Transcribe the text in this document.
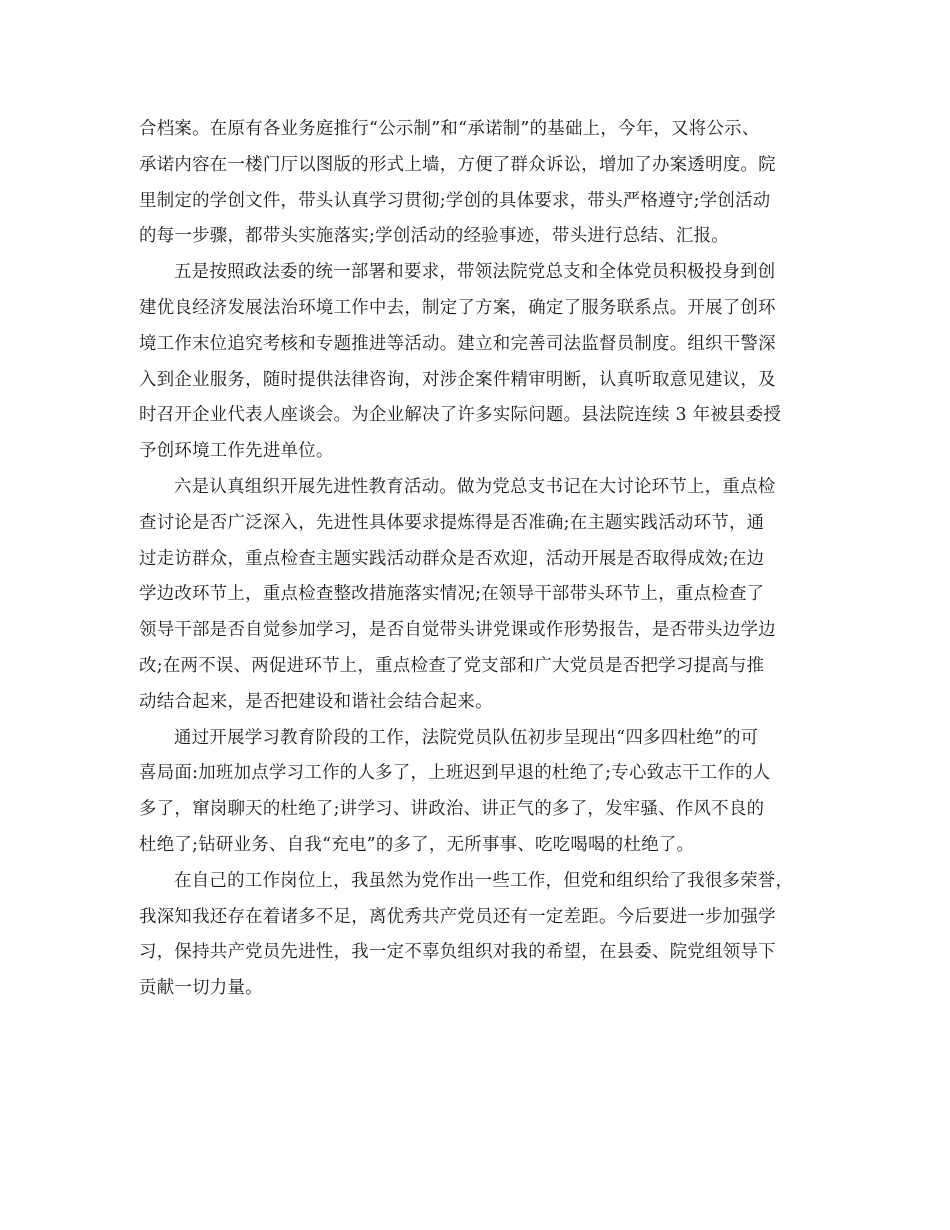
合档案。在原有各业务庭推行“公示制”和“承诺制”的基础上，今年，又将公示、
承诺内容在一楼门厅以图版的形式上墙，方便了群众诉讼，增加了办案透明度。院
里制定的学创文件，带头认真学习贯彻;学创的具体要求，带头严格遵守;学创活动
的每一步骤，都带头实施落实;学创活动的经验事迹，带头进行总结、汇报。
五是按照政法委的统一部署和要求，带领法院党总支和全体党员积极投身到创
建优良经济发展法治环境工作中去，制定了方案，确定了服务联系点。开展了创环
境工作末位追究考核和专题推进等活动。建立和完善司法监督员制度。组织干警深
入到企业服务，随时提供法律咨询，对涉企案件精审明断，认真听取意见建议，及
时召开企业代表人座谈会。为企业解决了许多实际问题。县法院连续 3 年被县委授
予创环境工作先进单位。
六是认真组织开展先进性教育活动。做为党总支书记在大讨论环节上，重点检
查讨论是否广泛深入，先进性具体要求提炼得是否准确;在主题实践活动环节，通
过走访群众，重点检查主题实践活动群众是否欢迎，活动开展是否取得成效;在边
学边改环节上，重点检查整改措施落实情况;在领导干部带头环节上，重点检查了
领导干部是否自觉参加学习，是否自觉带头讲党课或作形势报告，是否带头边学边
改;在两不误、两促进环节上，重点检查了党支部和广大党员是否把学习提高与推
动结合起来，是否把建设和谐社会结合起来。
通过开展学习教育阶段的工作，法院党员队伍初步呈现出“四多四杜绝”的可
喜局面:加班加点学习工作的人多了，上班迟到早退的杜绝了;专心致志干工作的人
多了，窜岗聊天的杜绝了;讲学习、讲政治、讲正气的多了，发牢骚、作风不良的
杜绝了;钻研业务、自我“充电”的多了，无所事事、吃吃喝喝的杜绝了。
在自己的工作岗位上，我虽然为党作出一些工作，但党和组织给了我很多荣誉，
我深知我还存在着诸多不足，离优秀共产党员还有一定差距。今后要进一步加强学
习，保持共产党员先进性，我一定不辜负组织对我的希望，在县委、院党组领导下
贡献一切力量。
